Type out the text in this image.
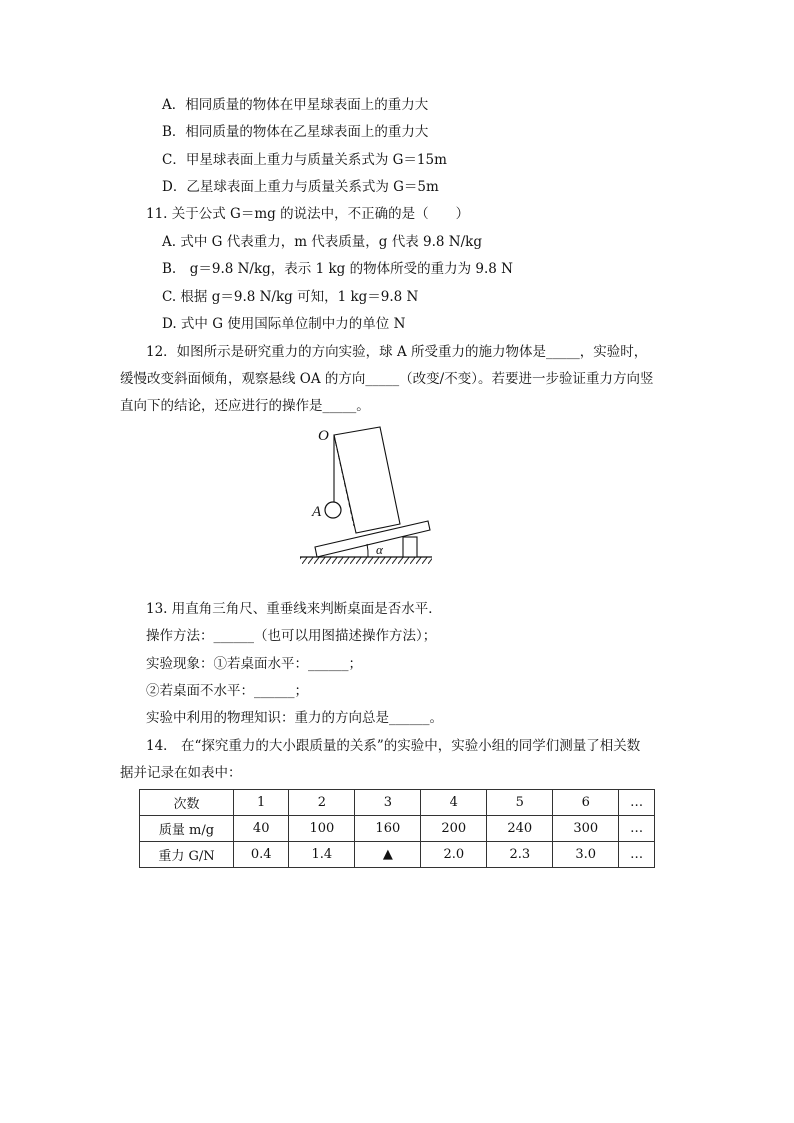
A．相同质量的物体在甲星球表面上的重力大
B．相同质量的物体在乙星球表面上的重力大
C．甲星球表面上重力与质量关系式为 G＝15m
D．乙星球表面上重力与质量关系式为 G＝5m
11. 关于公式 G＝mg 的说法中，不正确的是（　　）
A. 式中 G 代表重力，m 代表质量，g 代表 9.8 N/kg
B.　g＝9.8 N/kg，表示 1 kg 的物体所受的重力为 9.8 N
C. 根据 g＝9.8 N/kg 可知，1 kg＝9.8 N
D. 式中 G 使用国际单位制中力的单位 N
12．如图所示是研究重力的方向实验，球 A 所受重力的施力物体是_____，实验时，
缓慢改变斜面倾角，观察悬线 OA 的方向_____（改变/不变）。若要进一步验证重力方向竖
直向下的结论，还应进行的操作是_____。
O
A
α
13. 用直角三角尺、重垂线来判断桌面是否水平．
操作方法：______（也可以用图描述操作方法）；
实验现象：①若桌面水平：______；
②若桌面不水平：______；
实验中利用的物理知识：重力的方向总是______。
14． 在“探究重力的大小跟质量的关系”的实验中，实验小组的同学们测量了相关数
据并记录在如表中：
次数	1	2	3	4	5	6	…
质量 m/g	40	100	160	200	240	300	…
重力 G/N	0.4	1.4	▲	2.0	2.3	3.0	…
